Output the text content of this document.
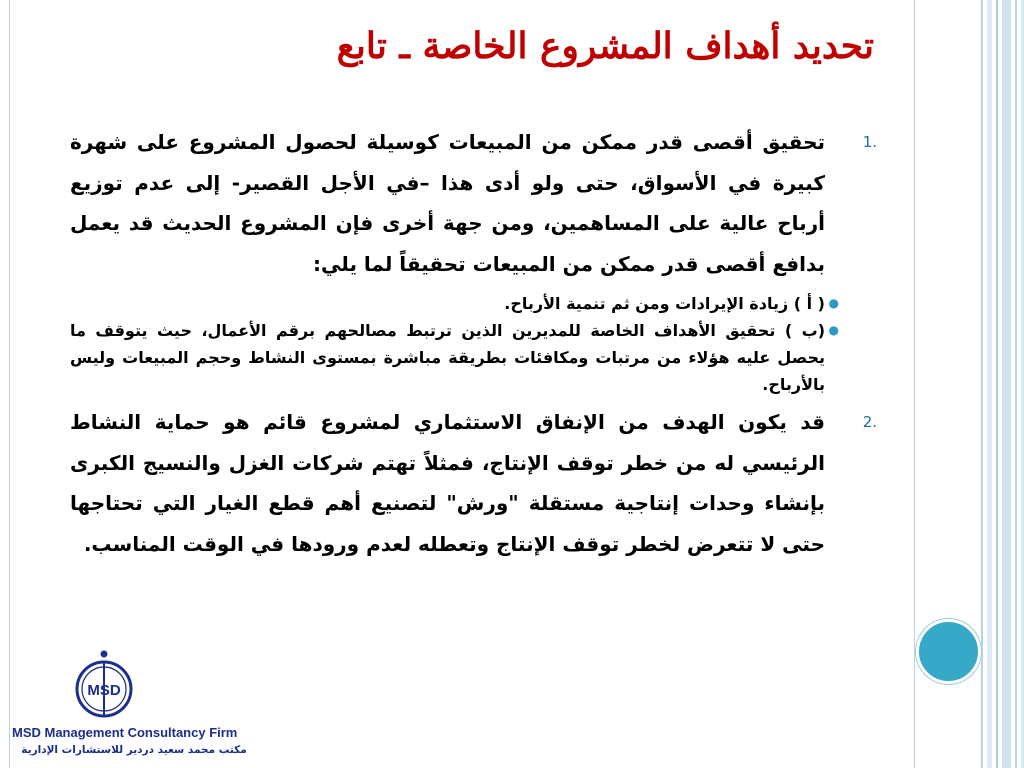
تحديد أهداف المشروع الخاصة ـ تابع
1.
تحقيق أقصى قدر ممكن من المبيعات كوسيلة لحصول المشروع على شهرة كبيرة في الأسواق، حتى ولو أدى هذا –في الأجل القصير- إلى عدم توزيع أرباح عالية على المساهمين، ومن جهة أخرى فإن المشروع الحديث قد يعمل بدافع أقصى قدر ممكن من المبيعات تحقيقاً لما يلي:
●
( أ ) زيادة الإيرادات ومن ثم تنمية الأرباح.
●
(ب ) تحقيق الأهداف الخاصة للمديرين الذين ترتبط مصالحهم برقم الأعمال، حيث يتوقف ما يحصل عليه هؤلاء من مرتبات ومكافئات بطريقة مباشرة بمستوى النشاط وحجم المبيعات وليس بالأرباح.
2.
قد يكون الهدف من الإنفاق الاستثماري لمشروع قائم هو حماية النشاط الرئيسي له من خطر توقف الإنتاج، فمثلاً تهتم شركات الغزل والنسيج الكبرى بإنشاء وحدات إنتاجية مستقلة "ورش" لتصنيع أهم قطع الغيار التي تحتاجها حتى لا تتعرض لخطر توقف الإنتاج وتعطله لعدم ورودها في الوقت المناسب.
MSD
MSD Management Consultancy Firm
مكتب محمد سعيد دردير للاستشارات الإدارية
